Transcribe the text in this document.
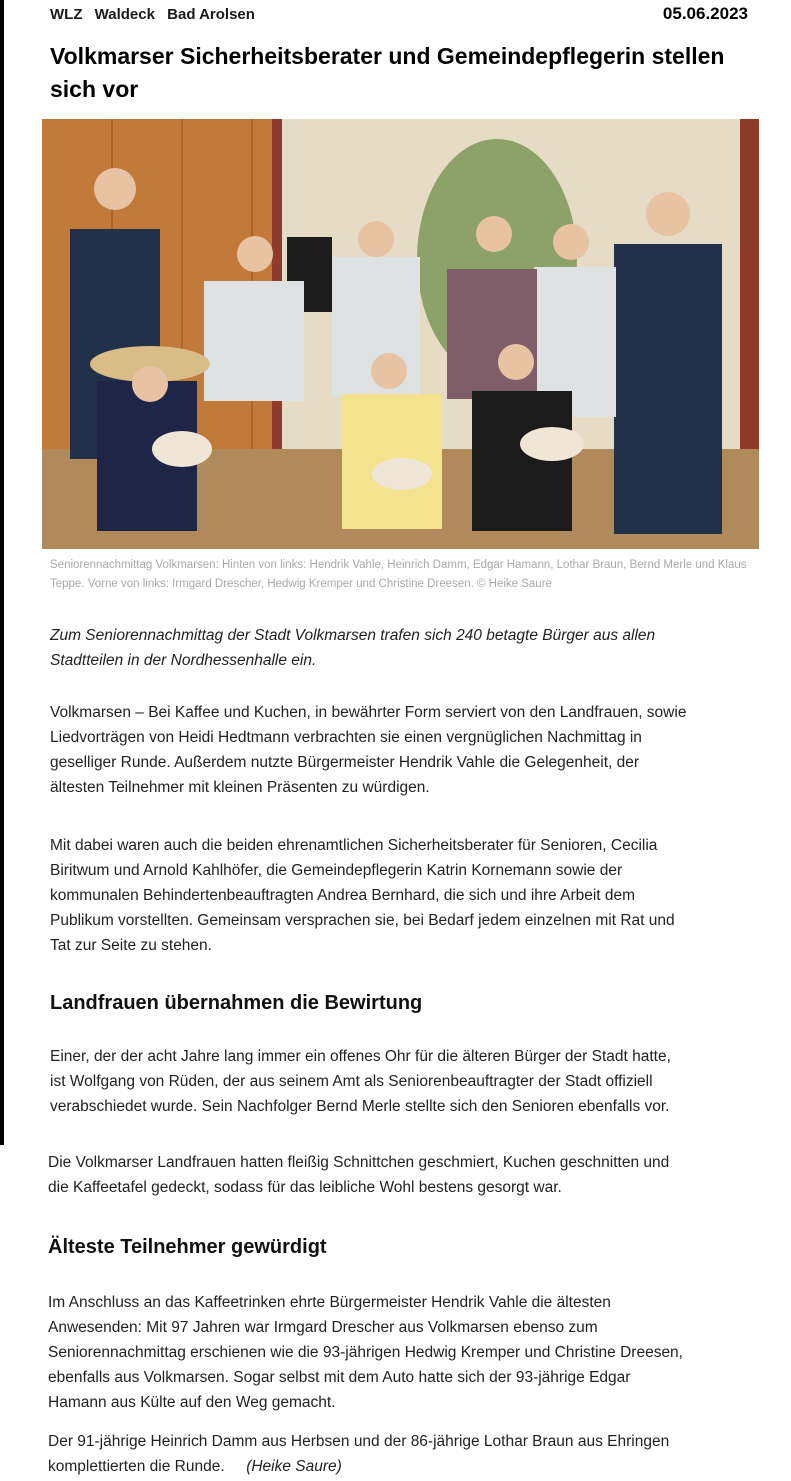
WLZ Waldeck Bad Arolsen	05.06.2023
Volkmarser Sicherheitsberater und Gemeindepflegerin stellen sich vor
Seniorennachmittag Volkmarsen: Hinten von links: Hendrik Vahle, Heinrich Damm, Edgar Hamann, Lothar Braun, Bernd Merle und Klaus Teppe. Vorne von links: Irmgard Drescher, Hedwig Kremper und Christine Dreesen. © Heike Saure

Zum Seniorennachmittag der Stadt Volkmarsen trafen sich 240 betagte Bürger aus allen Stadtteilen in der Nordhessenhalle ein.

Volkmarsen – Bei Kaffee und Kuchen, in bewährter Form serviert von den Landfrauen, sowie Liedvorträgen von Heidi Hedtmann verbrachten sie einen vergnüglichen Nachmittag in geselliger Runde. Außerdem nutzte Bürgermeister Hendrik Vahle die Gelegenheit, der ältesten Teilnehmer mit kleinen Präsenten zu würdigen.

Mit dabei waren auch die beiden ehrenamtlichen Sicherheitsberater für Senioren, Cecilia Biritwum und Arnold Kahlhöfer, die Gemeindepflegerin Katrin Kornemann sowie der kommunalen Behindertenbeauftragten Andrea Bernhard, die sich und ihre Arbeit dem Publikum vorstellten. Gemeinsam versprachen sie, bei Bedarf jedem einzelnen mit Rat und Tat zur Seite zu stehen.

Landfrauen übernahmen die Bewirtung

Einer, der der acht Jahre lang immer ein offenes Ohr für die älteren Bürger der Stadt hatte, ist Wolfgang von Rüden, der aus seinem Amt als Seniorenbeauftragter der Stadt offiziell verabschiedet wurde. Sein Nachfolger Bernd Merle stellte sich den Senioren ebenfalls vor.

Die Volkmarser Landfrauen hatten fleißig Schnittchen geschmiert, Kuchen geschnitten und die Kaffeetafel gedeckt, sodass für das leibliche Wohl bestens gesorgt war.

Älteste Teilnehmer gewürdigt

Im Anschluss an das Kaffeetrinken ehrte Bürgermeister Hendrik Vahle die ältesten Anwesenden: Mit 97 Jahren war Irmgard Drescher aus Volkmarsen ebenso zum Seniorennachmittag erschienen wie die 93-jährigen Hedwig Kremper und Christine Dreesen, ebenfalls aus Volkmarsen. Sogar selbst mit dem Auto hatte sich der 93-jährige Edgar Hamann aus Külte auf den Weg gemacht.

Der 91-jährige Heinrich Damm aus Herbsen und der 86-jährige Lothar Braun aus Ehringen komplettierten die Runde. (Heike Saure)
